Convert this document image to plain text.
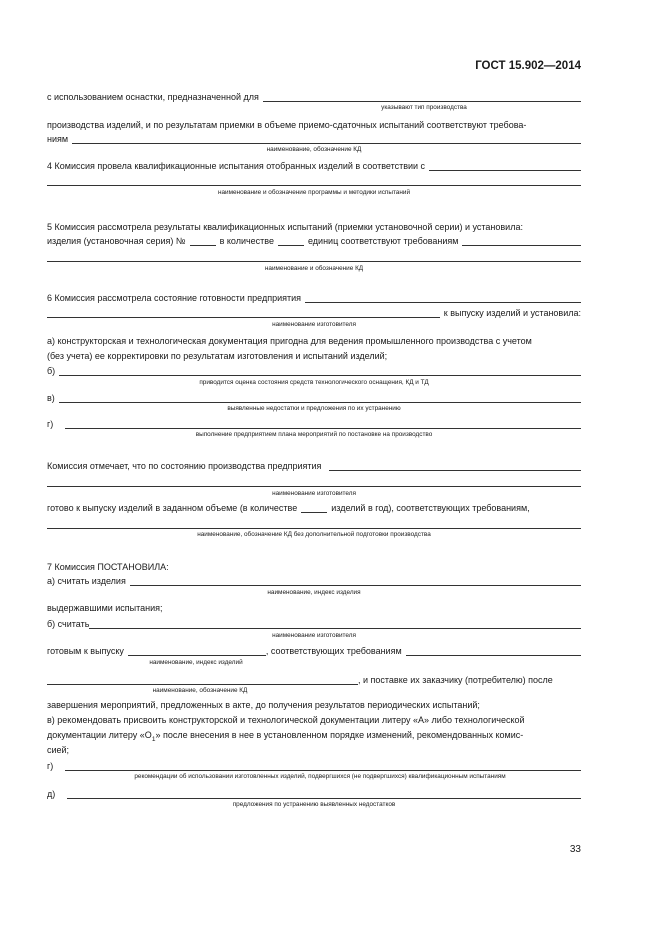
ГОСТ 15.902—2014
с использованием оснастки, предназначенной для
указывают тип производства
производства изделий, и по результатам приемки в объеме приемо-сдаточных испытаний соответствуют требова-
ниям
наименование, обозначение КД
4 Комиссия провела квалификационные испытания отобранных изделий в соответствии с
наименование и обозначение программы и методики испытаний
5 Комиссия рассмотрела результаты квалификационных испытаний (приемки установочной серии) и установила:
изделия (установочная серия) №	в количестве	единиц соответствуют требованиям
наименование и обозначение КД
6 Комиссия рассмотрела состояние готовности предприятия
к выпуску изделий и установила:
наименование изготовителя
а) конструкторская и технологическая документация пригодна для ведения промышленного производства с учетом
(без учета) ее корректировки по результатам изготовления и испытаний изделий;
б)
приводится оценка состояния средств технологического оснащения, КД и ТД
в)
выявленные недостатки и предложения по их устранению
г)
выполнение предприятием плана мероприятий по постановке на производство
Комиссия отмечает, что по состоянию производства предприятия
наименование изготовителя
готово к выпуску изделий в заданном объеме (в количестве	изделий в год), соответствующих требованиям,
наименование, обозначение КД без дополнительной подготовки производства
7 Комиссия ПОСТАНОВИЛА:
а) считать изделия
наименование, индекс изделия
выдержавшими испытания;
б) считать
наименование изготовителя
готовым к выпуску	, соответствующих требованиям
наименование, индекс изделий
, и поставке их заказчику (потребителю) после
наименование, обозначение КД
завершения мероприятий, предложенных в акте, до получения результатов периодических испытаний;
в) рекомендовать присвоить конструкторской и технологической документации литеру «А» либо технологической
документации литеру «$О_1$» после внесения в нее в установленном порядке изменений, рекомендованных комис-
сией;
г)
рекомендации об использовании изготовленных изделий, подвергшихся (не подвергшихся) квалификационным испытаниям
д)
предложения по устранению выявленных недостатков
33
